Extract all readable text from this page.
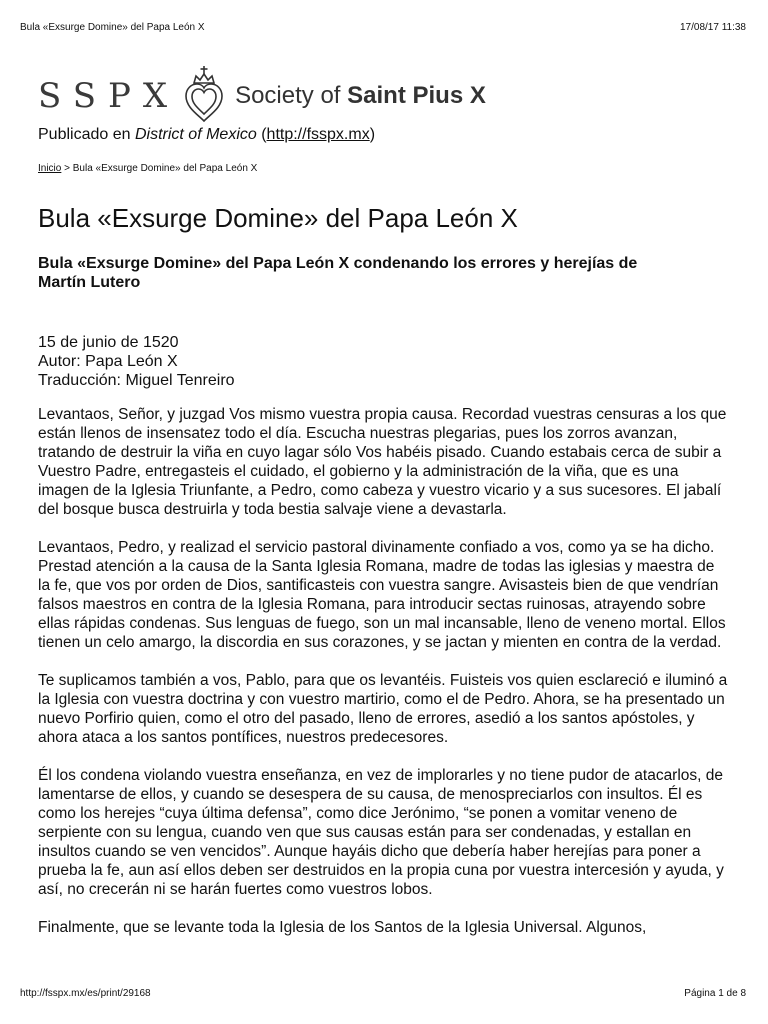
Bula «Exsurge Domine» del Papa León X	17/08/17 11:38
SSPX Society of Saint Pius X
Publicado en District of Mexico (http://fsspx.mx)
Inicio > Bula «Exsurge Domine» del Papa León X
Bula «Exsurge Domine» del Papa León X
Bula «Exsurge Domine» del Papa León X condenando los errores y herejías de Martín Lutero
15 de junio de 1520
Autor: Papa León X
Traducción: Miguel Tenreiro

Levantaos, Señor, y juzgad Vos mismo vuestra propia causa. Recordad vuestras censuras a los que están llenos de insensatez todo el día. Escucha nuestras plegarias, pues los zorros avanzan, tratando de destruir la viña en cuyo lagar sólo Vos habéis pisado. Cuando estabais cerca de subir a Vuestro Padre, entregasteis el cuidado, el gobierno y la administración de la viña, que es una imagen de la Iglesia Triunfante, a Pedro, como cabeza y vuestro vicario y a sus sucesores. El jabalí del bosque busca destruirla y toda bestia salvaje viene a devastarla.

Levantaos, Pedro, y realizad el servicio pastoral divinamente confiado a vos, como ya se ha dicho. Prestad atención a la causa de la Santa Iglesia Romana, madre de todas las iglesias y maestra de la fe, que vos por orden de Dios, santificasteis con vuestra sangre. Avisasteis bien de que vendrían falsos maestros en contra de la Iglesia Romana, para introducir sectas ruinosas, atrayendo sobre ellas rápidas condenas. Sus lenguas de fuego, son un mal incansable, lleno de veneno mortal. Ellos tienen un celo amargo, la discordia en sus corazones, y se jactan y mienten en contra de la verdad.

Te suplicamos también a vos, Pablo, para que os levantéis. Fuisteis vos quien esclareció e iluminó a la Iglesia con vuestra doctrina y con vuestro martirio, como el de Pedro. Ahora, se ha presentado un nuevo Porfirio quien, como el otro del pasado, lleno de errores, asedió a los santos apóstoles, y ahora ataca a los santos pontífices, nuestros predecesores.

Él los condena violando vuestra enseñanza, en vez de implorarles y no tiene pudor de atacarlos, de lamentarse de ellos, y cuando se desespera de su causa, de menospreciarlos con insultos. Él es como los herejes “cuya última defensa”, como dice Jerónimo, “se ponen a vomitar veneno de serpiente con su lengua, cuando ven que sus causas están para ser condenadas, y estallan en insultos cuando se ven vencidos”. Aunque hayáis dicho que debería haber herejías para poner a prueba la fe, aun así ellos deben ser destruidos en la propia cuna por vuestra intercesión y ayuda, y así, no crecerán ni se harán fuertes como vuestros lobos.

Finalmente, que se levante toda la Iglesia de los Santos de la Iglesia Universal. Algunos,

http://fsspx.mx/es/print/29168	Página 1 de 8
